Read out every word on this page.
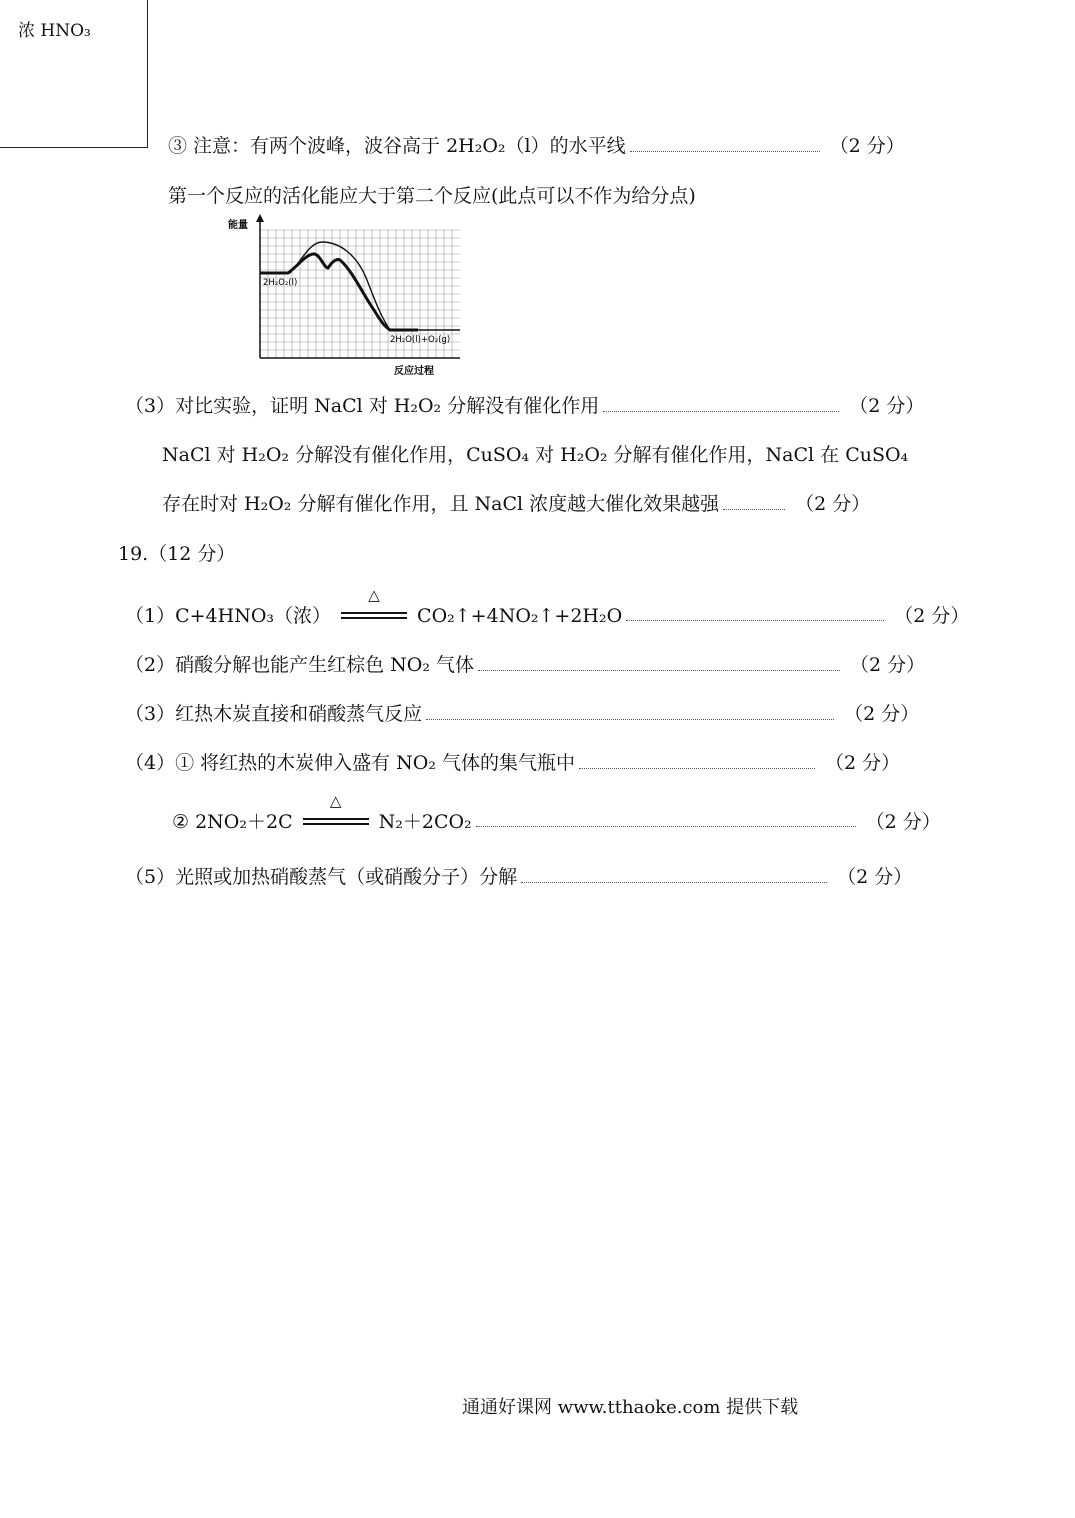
浓 HNO₃
③ 注意：有两个波峰，波谷高于 2H₂O₂（l）的水平线	（2 分）
第一个反应的活化能应大于第二个反应(此点可以不作为给分点)
能量
反应过程
2H₂O₂(l)
2H₂O(l)+O₂(g)
（3）对比实验，证明 NaCl 对 H₂O₂ 分解没有催化作用	（2 分）
NaCl 对 H₂O₂ 分解没有催化作用，CuSO₄ 对 H₂O₂ 分解有催化作用，NaCl 在 CuSO₄
存在时对 H₂O₂ 分解有催化作用，且 NaCl 浓度越大催化效果越强	（2 分）
19.（12 分）
（1）C+4HNO₃（浓）
△
CO₂↑+4NO₂↑+2H₂O	（2 分）
（2）硝酸分解也能产生红棕色 NO₂ 气体	（2 分）
（3）红热木炭直接和硝酸蒸气反应	（2 分）
（4）① 将红热的木炭伸入盛有 NO₂ 气体的集气瓶中	（2 分）
② 2NO₂＋2C
△
N₂＋2CO₂	（2 分）
（5）光照或加热硝酸蒸气（或硝酸分子）分解	（2 分）
通通好课网 www.tthaoke.com 提供下载
